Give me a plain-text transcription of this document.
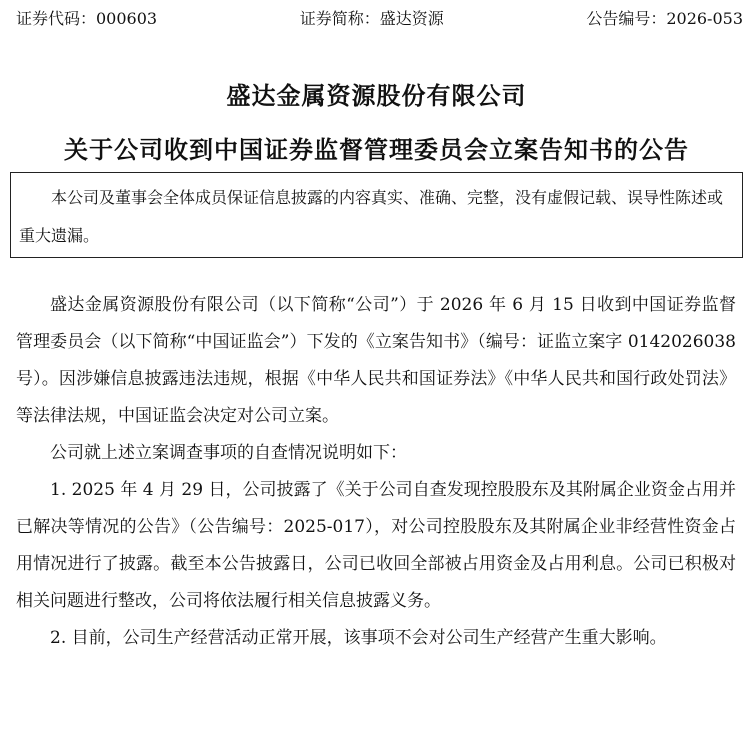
证券代码：000603	证券简称：盛达资源	公告编号：2026-053
盛达金属资源股份有限公司
关于公司收到中国证券监督管理委员会立案告知书的公告
本公司及董事会全体成员保证信息披露的内容真实、准确、完整，没有虚假记载、误导性陈述或重大遗漏。

盛达金属资源股份有限公司（以下简称“公司”）于 2026 年 6 月 15 日收到中国证券监督管理委员会（以下简称“中国证监会”）下发的《立案告知书》（编号：证监立案字 0142026038 号）。因涉嫌信息披露违法违规，根据《中华人民共和国证券法》《中华人民共和国行政处罚法》等法律法规，中国证监会决定对公司立案。

公司就上述立案调查事项的自查情况说明如下：

1. 2025 年 4 月 29 日，公司披露了《关于公司自查发现控股股东及其附属企业资金占用并已解决等情况的公告》（公告编号：2025-017），对公司控股股东及其附属企业非经营性资金占用情况进行了披露。截至本公告披露日，公司已收回全部被占用资金及占用利息。公司已积极对相关问题进行整改，公司将依法履行相关信息披露义务。

2. 目前，公司生产经营活动正常开展，该事项不会对公司生产经营产生重大影响。
